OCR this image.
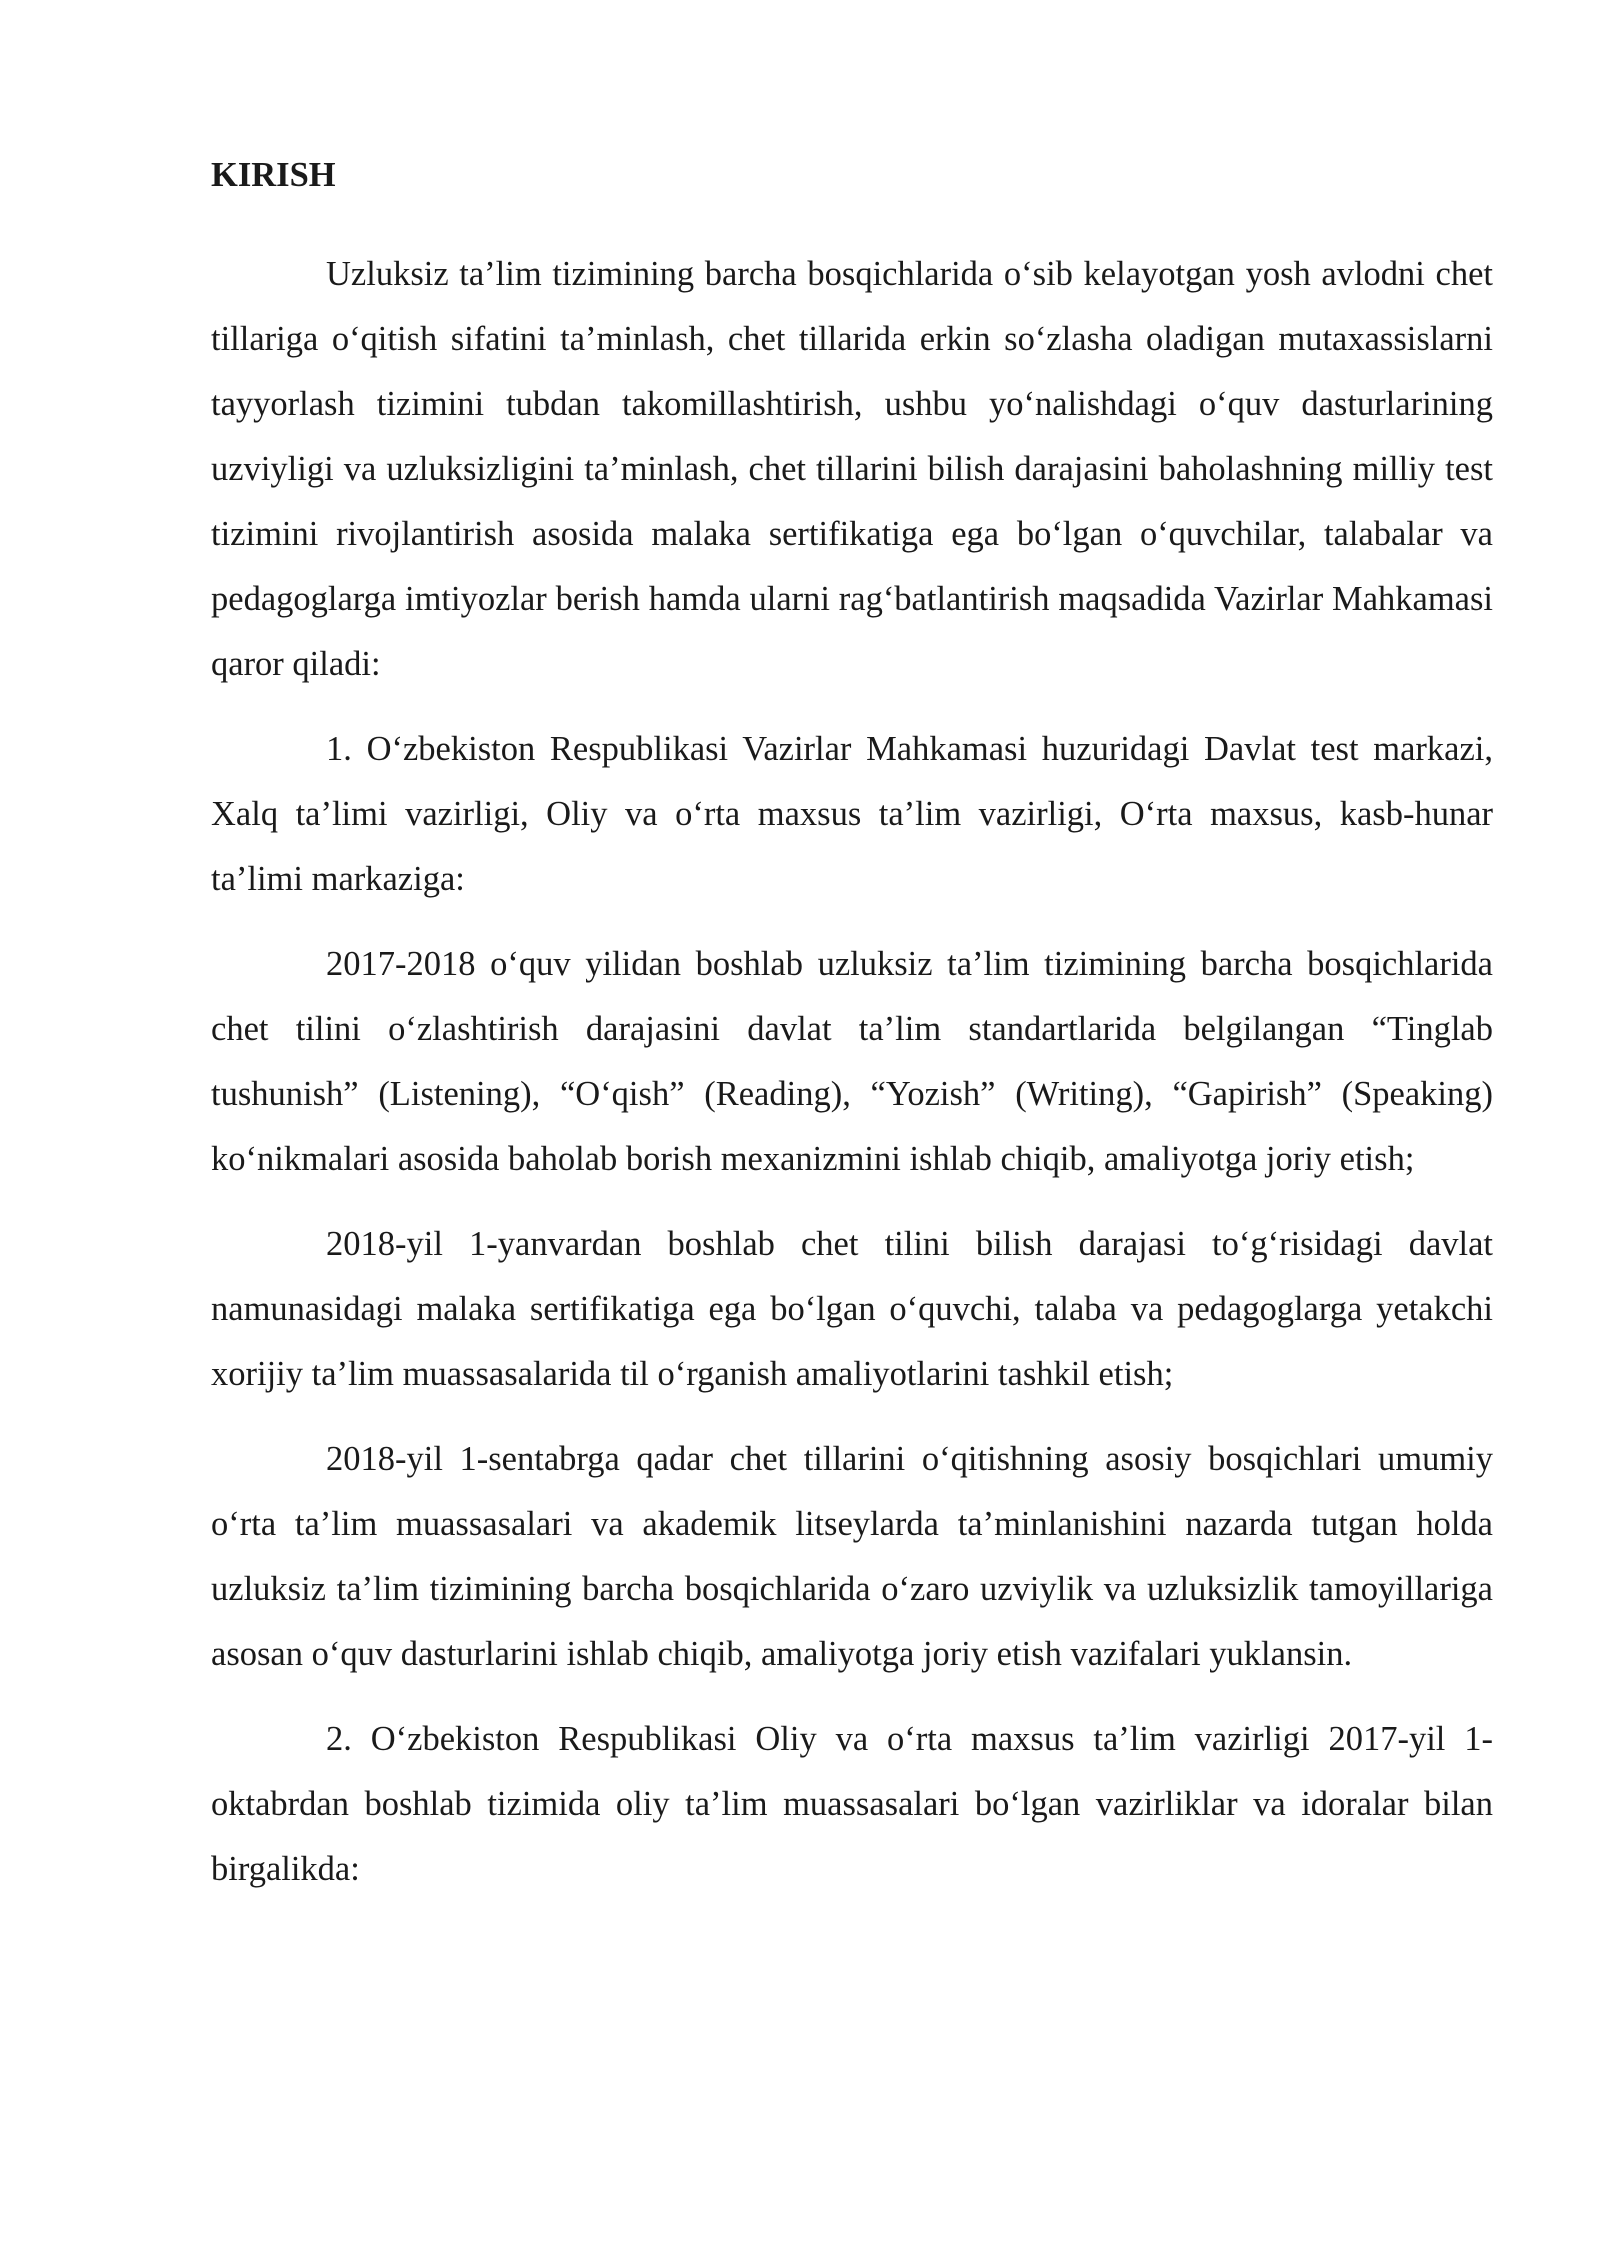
KIRISH

Uzluksiz ta’lim tizimining barcha bosqichlarida o‘sib kelayotgan yosh avlodni chet tillariga o‘qitish sifatini ta’minlash, chet tillarida erkin so‘zlasha oladigan mutaxassislarni tayyorlash tizimini tubdan takomillashtirish, ushbu yo‘nalishdagi o‘quv dasturlarining uzviyligi va uzluksizligini ta’minlash, chet tillarini bilish darajasini baholashning milliy test tizimini rivojlantirish asosida malaka sertifikatiga ega bo‘lgan o‘quvchilar, talabalar va pedagoglarga imtiyozlar berish hamda ularni rag‘batlantirish maqsadida Vazirlar Mahkamasi qaror qiladi:

1. O‘zbekiston Respublikasi Vazirlar Mahkamasi huzuridagi Davlat test markazi, Xalq ta’limi vazirligi, Oliy va o‘rta maxsus ta’lim vazirligi, O‘rta maxsus, kasb-hunar ta’limi markaziga:

2017-2018 o‘quv yilidan boshlab uzluksiz ta’lim tizimining barcha bosqichlarida chet tilini o‘zlashtirish darajasini davlat ta’lim standartlarida belgilangan “Tinglab tushunish” (Listening), “O‘qish” (Reading), “Yozish” (Writing), “Gapirish” (Speaking) ko‘nikmalari asosida baholab borish mexanizmini ishlab chiqib, amaliyotga joriy etish;

2018-yil 1-yanvardan boshlab chet tilini bilish darajasi to‘g‘risidagi davlat namunasidagi malaka sertifikatiga ega bo‘lgan o‘quvchi, talaba va pedagoglarga yetakchi xorijiy ta’lim muassasalarida til o‘rganish amaliyotlarini tashkil etish;

2018-yil 1-sentabrga qadar chet tillarini o‘qitishning asosiy bosqichlari umumiy o‘rta ta’lim muassasalari va akademik litseylarda ta’minlanishini nazarda tutgan holda uzluksiz ta’lim tizimining barcha bosqichlarida o‘zaro uzviylik va uzluksizlik tamoyillariga asosan o‘quv dasturlarini ishlab chiqib, amaliyotga joriy etish vazifalari yuklansin.

2. O‘zbekiston Respublikasi Oliy va o‘rta maxsus ta’lim vazirligi 2017-yil 1-oktabrdan boshlab tizimida oliy ta’lim muassasalari bo‘lgan vazirliklar va idoralar bilan birgalikda:
